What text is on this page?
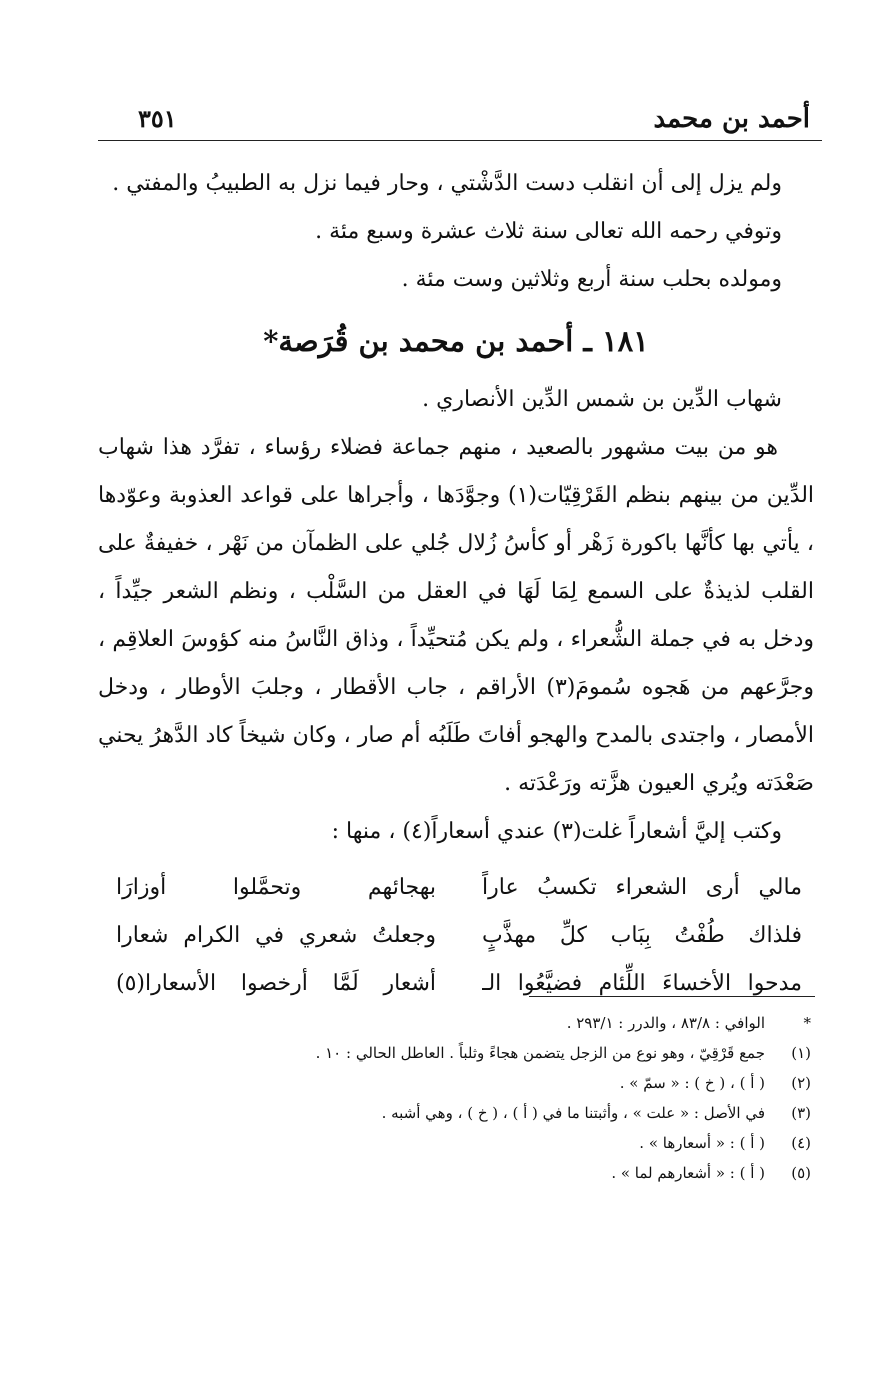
أحمد بن محمد
٣٥١

ولم يزل إلى أن انقلب دست الدَّشْتي ، وحار فيما نزل به الطبيبُ والمفتي .

وتوفي رحمه الله تعالى سنة ثلاث عشرة وسبع مئة .

ومولده بحلب سنة أربع وثلاثين وست مئة .

١٨١ ـ أحمد بن محمد بن قُرَصة*

شهاب الدِّين بن شمس الدِّين الأنصاري .

هو من بيت مشهور بالصعيد ، منهم جماعة فضلاء رؤساء ، تفرَّد هذا شهاب الدِّين من بينهم بنظم القَرْقِيّات(١) وجوَّدَها ، وأجراها على قواعد العذوبة وعوّدها ، يأتي بها كأنَّها باكورة زَهْر أو كأسُ زُلال جُلي على الظمآن من نَهْر ، خفيفةٌ على القلب لذيذةٌ على السمع لِمَا لَهَا في العقل من السَّلْب ، ونظم الشعر جيِّداً ، ودخل به في جملة الشُّعراء ، ولم يكن مُتحيِّداً ، وذاق النَّاسُ منه كؤوسَ العلاقِم ، وجرَّعهم من هَجوه سُمومَ(٣) الأراقم ، جاب الأقطار ، وجلبَ الأوطار ، ودخل الأمصار ، واجتدى بالمدح والهجو أفاتَ طَلَبُه أم صار ، وكان شيخاً كاد الدَّهرُ يحني صَعْدَته ويُري العيون هزَّته ورَعْدَته .

وكتب إليَّ أشعاراً غلت(٣) عندي أسعاراً(٤) ، منها :

مالي أرى الشعراء تكسبُ عاراً
بهجائهم وتحمَّلوا أوزارَا
فلذاك طُفْتُ بِبَاب كلِّ مهذَّبٍ
وجعلتُ شعري في الكرام شعارا
مدحوا الأخساءَ اللِّئام فضيَّعُوا الـ
أشعار لَمَّا أرخصوا الأسعارا(٥)
*
الوافي : ٨٣/٨ ، والدرر : ٢٩٣/١ .
(١)
جمع قَرْقِيّ ، وهو نوع من الزجل يتضمن هجاءً وثلباً . العاطل الحالي : ١٠ .
(٢)
( أ ) ، ( خ ) : « سمّ » .
(٣)
في الأصل : « علت » ، وأثبتنا ما في ( أ ) ، ( خ ) ، وهي أشبه .
(٤)
( أ ) : « أسعارها » .
(٥)
( أ ) : « أشعارهم لما » .
